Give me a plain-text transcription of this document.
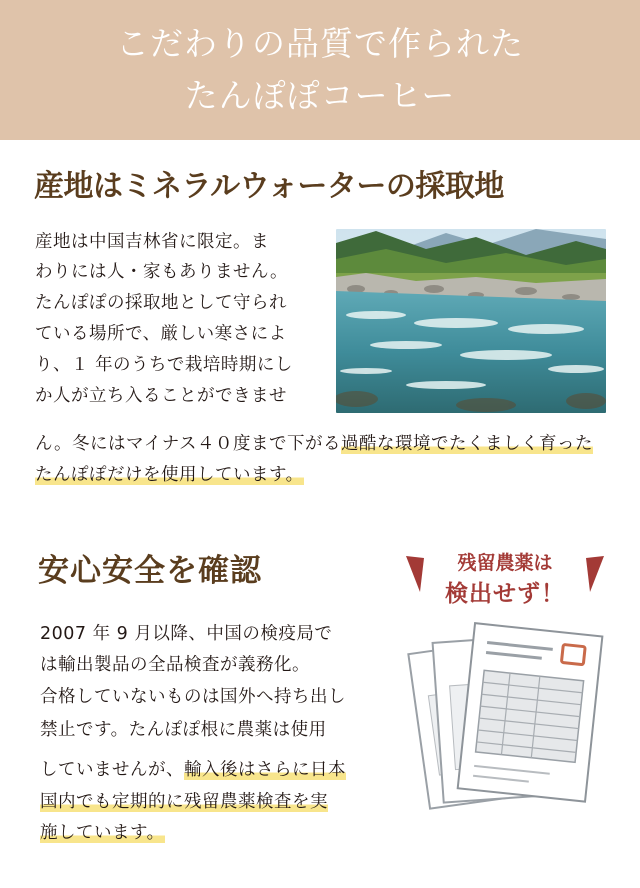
こだわりの品質で作られた
たんぽぽコーヒー
産地はミネラルウォーターの採取地
産地は中国吉林省に限定。ま
わりには人・家もありません。
たんぽぽの採取地として守られ
ている場所で、厳しい寒さによ
り、１ 年のうちで栽培時期にし
か人が立ち入ることができませ
ん。冬にはマイナス４０度まで下がる過酷な環境でたくましく育った
たんぽぽだけを使用しています。
安心安全を確認	残留農薬は
検出せず！
2007 年 9 月以降、中国の検疫局で
は輸出製品の全品検査が義務化。
合格していないものは国外へ持ち出し
禁止です。たんぽぽ根に農薬は使用
していませんが、輸入後はさらに日本
国内でも定期的に残留農薬検査を実
施しています。
